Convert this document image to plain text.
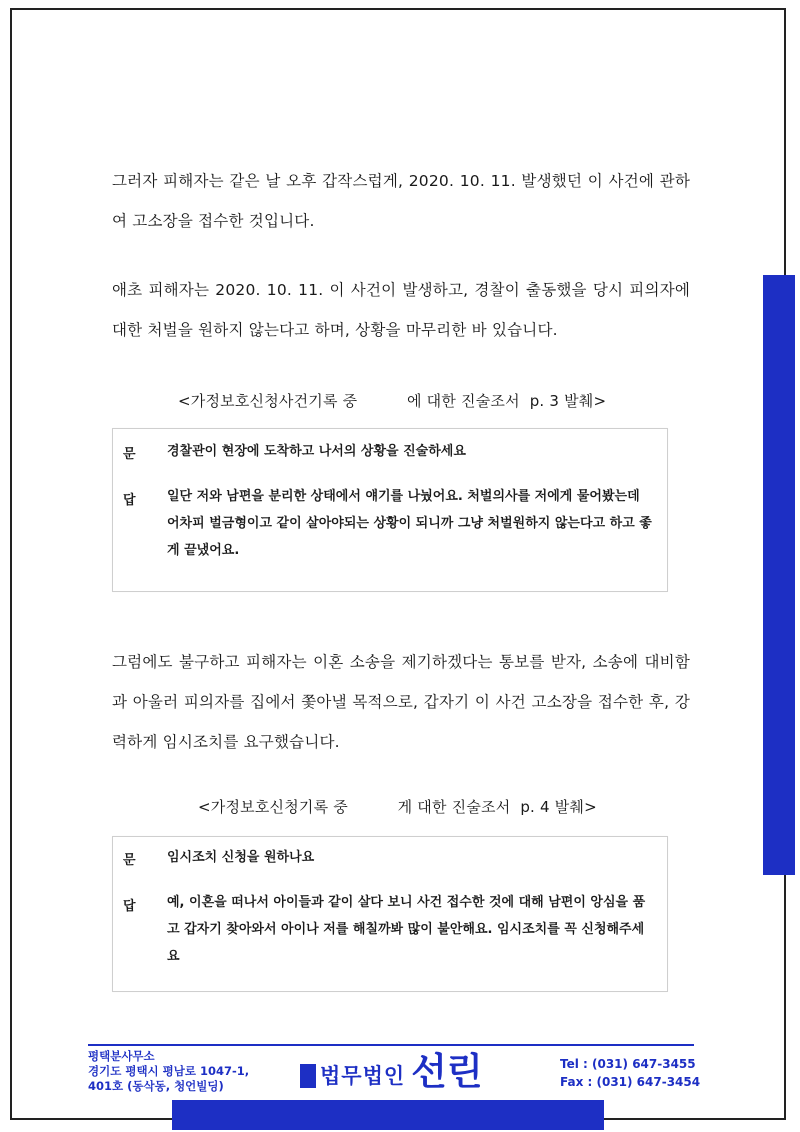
그러자 피해자는 같은 날 오후 갑작스럽게, 2020. 10. 11. 발생했던 이 사건에 관하여 고소장을 접수한 것입니다.
애초 피해자는 2020. 10. 11. 이 사건이 발생하고, 경찰이 출동했을 당시 피의자에 대한 처벌을 원하지 않는다고 하며, 상황을 마무리한 바 있습니다.
<가정보호신청사건기록 중          에 대한 진술조서  p. 3 발췌>
문 경찰관이 현장에 도착하고 나서의 상황을 진술하세요
답 일단 저와 남편을 분리한 상태에서 얘기를 나눴어요. 처벌의사를 저에게 물어봤는데 어차피 벌금형이고 같이 살아야되는 상황이 되니까 그냥 처벌원하지 않는다고 하고 좋게 끝냈어요.
그럼에도 불구하고 피해자는 이혼 소송을 제기하겠다는 통보를 받자, 소송에 대비함과 아울러 피의자를 집에서 쫓아낼 목적으로, 갑자기 이 사건 고소장을 접수한 후, 강력하게 임시조치를 요구했습니다.
<가정보호신청기록 중          게 대한 진술조서  p. 4 발췌>
문 임시조치 신청을 원하나요
답 예, 이혼을 떠나서 아이들과 같이 살다 보니 사건 접수한 것에 대해 남편이 앙심을 품고 갑자기 찾아와서 아이나 저를 해칠까봐 많이 불안해요. 임시조치를 꼭 신청해주세요
평택분사무소
경기도 평택시 평남로 1047-1,
401호 (동삭동, 청언빌딩)	법무법인 선린	Tel : (031) 647-3455
Fax : (031) 647-3454
